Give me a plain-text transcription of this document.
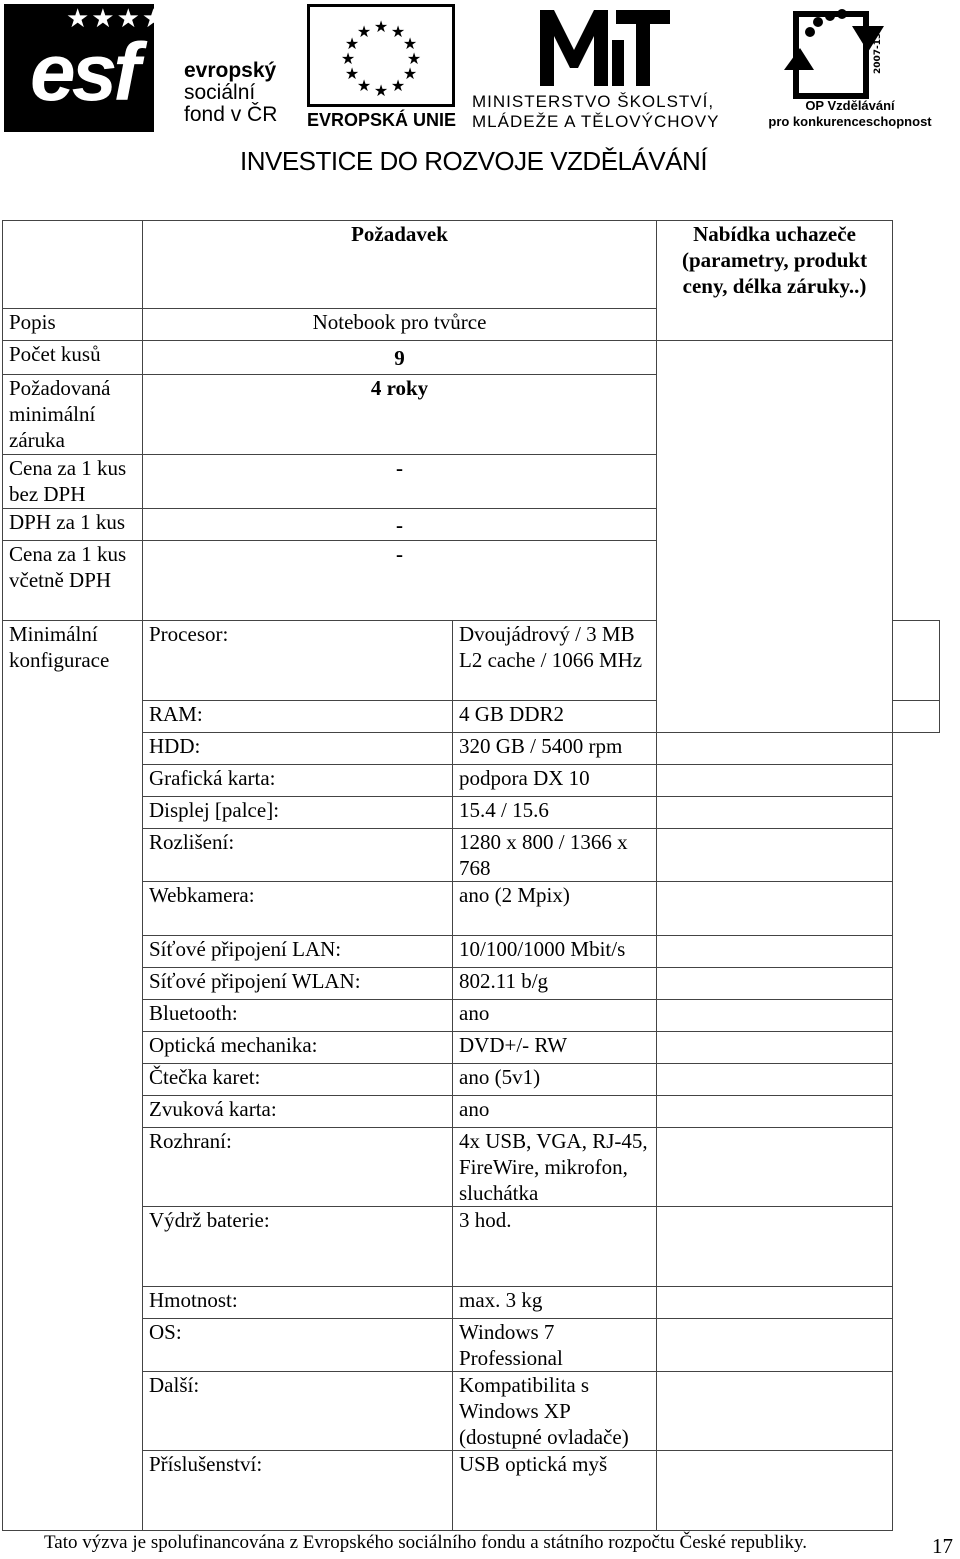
★★★★
esf evropský
sociální
fond v ČR
★ ★
★
★
★
★
★
★
★
★
★
★
EVROPSKÁ UNIE
MINISTERSTVO ŠKOLSTVÍ,
MLÁDEŽE A TĚLOVÝCHOVY
2007-13
OP Vzdělávání
pro konkurenceschopnost
INVESTICE DO ROZVOJE VZDĚLÁVÁNÍ
	Požadavek		Nabídka uchazeče (parametry, produkt ceny, délka záruky..)	
Popis	Notebook pro tvůrce			
Počet kusů	9			
Požadovaná minimální záruka	4 roky			
Cena za 1 kus bez DPH	-			
DPH za 1 kus	-			
Cena za 1 kus včetně DPH	-			
Minimální konfigurace	Procesor:	Dvoujádrový / 3 MB L2 cache / 1066 MHz		
	RAM:	4 GB DDR2		
	HDD:	320 GB / 5400 rpm		
	Grafická karta:	podpora DX 10		
	Displej [palce]:	15.4 / 15.6		
	Rozlišení:	1280 x 800 / 1366 x 768		
	Webkamera:	ano (2 Mpix)		
	Síťové připojení LAN:	10/100/1000 Mbit/s		
	Síťové připojení WLAN:	802.11 b/g		
	Bluetooth:	ano		
	Optická mechanika:	DVD+/- RW		
	Čtečka karet:	ano (5v1)		
	Zvuková karta:	ano		
	Rozhraní:	4x USB, VGA, RJ-45, FireWire, mikrofon, sluchátka		
	Výdrž baterie:	3 hod.		
	Hmotnost:	max. 3 kg		
	OS:	Windows 7 Professional		
	Další:	Kompatibilita s Windows XP (dostupné ovladače)		
	Příslušenství:	USB optická myš		
Tato výzva je spolufinancována z Evropského sociálního fondu a státního rozpočtu České republiky.	17
